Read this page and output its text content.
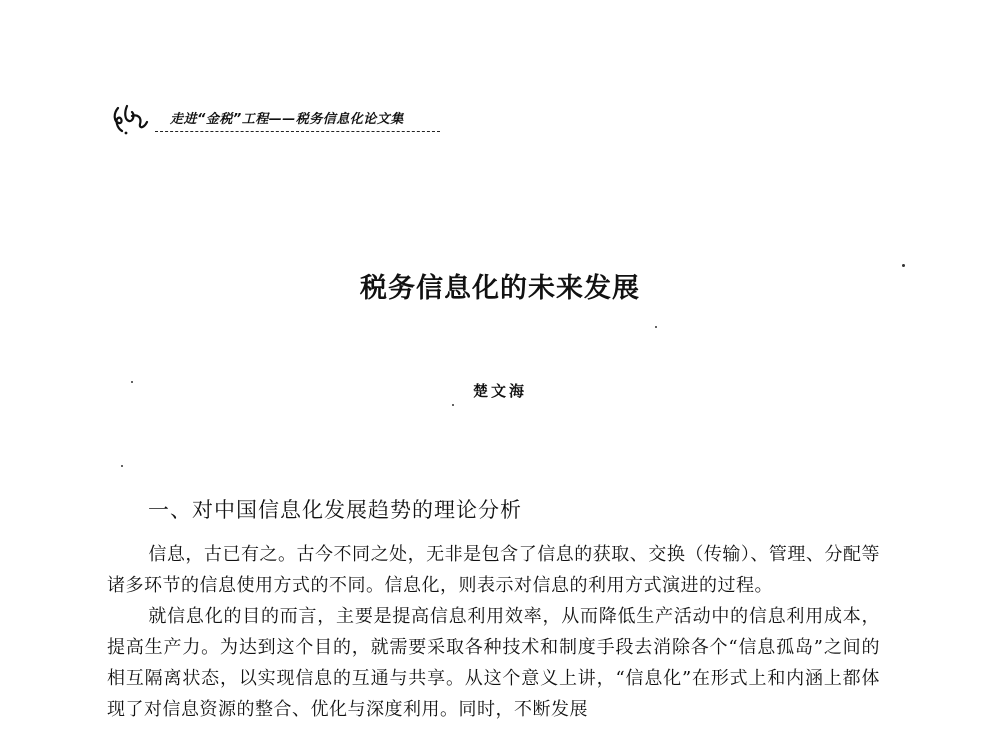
走进“金税”工程——税务信息化论文集
税务信息化的未来发展
楚文海
一、对中国信息化发展趋势的理论分析

信息，古已有之。古今不同之处，无非是包含了信息的获取、交换（传输）、管理、分配等诸多环节的信息使用方式的不同。信息化，则表示对信息的利用方式演进的过程。

就信息化的目的而言，主要是提高信息利用效率，从而降低生产活动中的信息利用成本，提高生产力。为达到这个目的，就需要采取各种技术和制度手段去消除各个“信息孤岛”之间的相互隔离状态，以实现信息的互通与共享。从这个意义上讲，“信息化”在形式上和内涵上都体现了对信息资源的整合、优化与深度利用。同时，不断发展
